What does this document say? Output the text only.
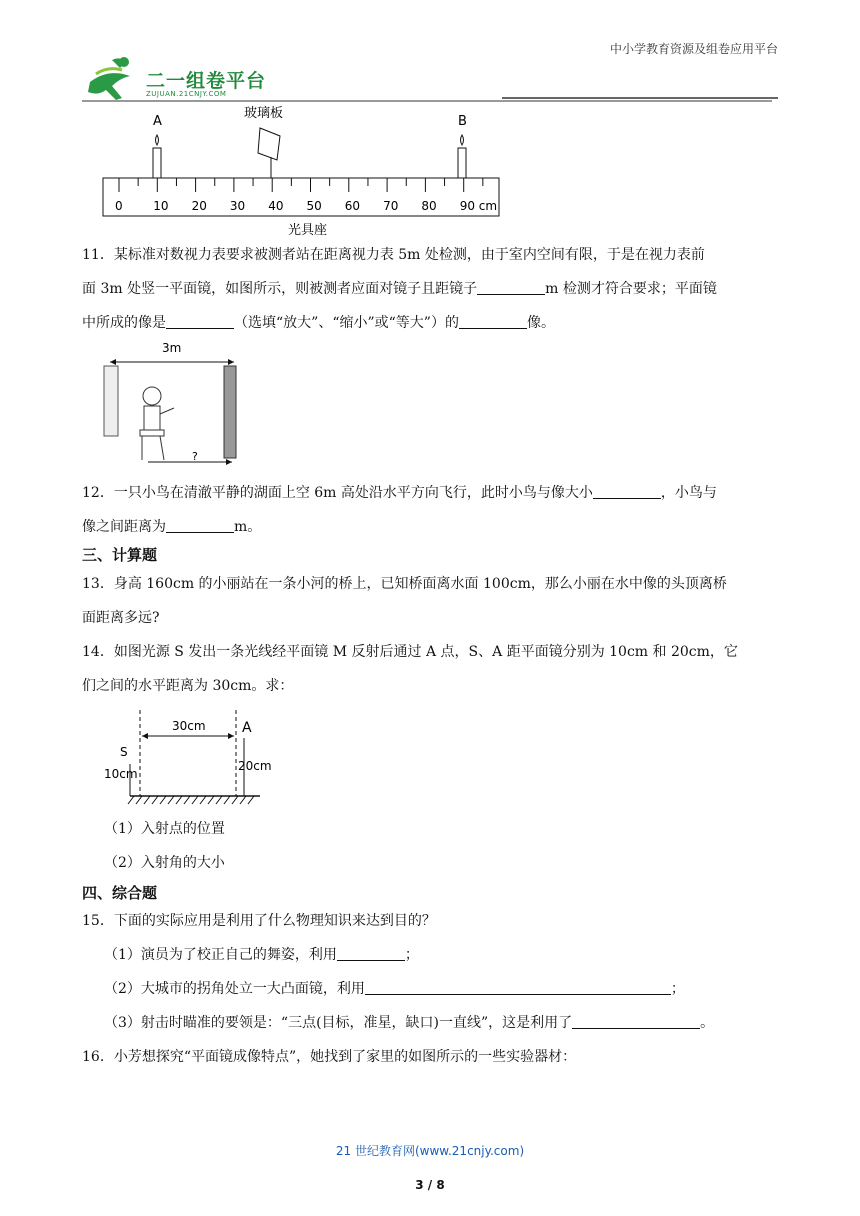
中小学教育资源及组卷应用平台
二一组卷平台
ZUJUAN.21CNJY.COM
玻璃板
A	B
0	10 20 30 40 50 60 70 80 90 cm
光具座
11．某标准对数视力表要求被测者站在距离视力表 5m 处检测，由于室内空间有限，于是在视力表前
面 3m 处竖一平面镜，如图所示，则被测者应面对镜子且距镜子	m 检测才符合要求；平面镜
中所成的像是	（选填“放大”、“缩小”或“等大”）的	像。
3m
?
12．一只小鸟在清澈平静的湖面上空 6m 高处沿水平方向飞行，此时小鸟与像大小	，小鸟与
像之间距离为	m。
三、计算题
13．身高 160cm 的小丽站在一条小河的桥上，已知桥面离水面 100cm，那么小丽在水中像的头顶离桥
面距离多远?
14．如图光源 S 发出一条光线经平面镜 M 反射后通过 A 点，S、A 距平面镜分别为 10cm 和 20cm，它
们之间的水平距离为 30cm。求：
30cm	A
S
10cm
20cm
（1）入射点的位置
（2）入射角的大小
四、综合题
15．下面的实际应用是利用了什么物理知识来达到目的？
（1）演员为了校正自己的舞姿，利用	；
（2）大城市的拐角处立一大凸面镜，利用	；
（3）射击时瞄准的要领是：“三点(目标，准星，缺口)一直线”，这是利用了	。
16．小芳想探究“平面镜成像特点”，她找到了家里的如图所示的一些实验器材：
21 世纪教育网(www.21cnjy.com)
3 / 8
